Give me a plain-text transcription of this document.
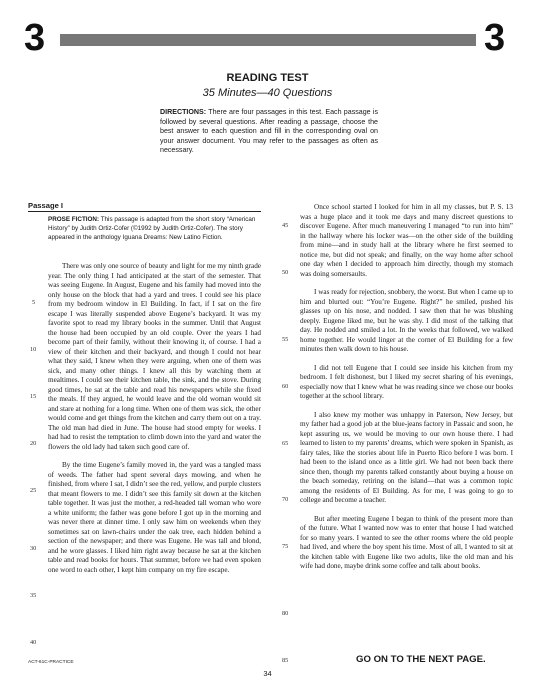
3	3
READING TEST
35 Minutes—40 Questions
DIRECTIONS: There are four passages in this test. Each passage is followed by several questions. After reading a passage, choose the best answer to each question and fill in the corresponding oval on your answer document. You may refer to the passages as often as necessary.
Passage I
PROSE FICTION: This passage is adapted from the short story “American History” by Judith Ortiz-Cofer (©1992 by Judith Ortiz-Cofer). The story appeared in the anthology Iguana Dreams: New Latino Fiction.

There was only one source of beauty and light for me my ninth grade year. The only thing I had anticipated at the start of the semester. That was seeing Eugene. In August, Eugene and his family had moved into the only house on the block that had a yard and trees. I could see his place from my bedroom window in El Building. In fact, if I sat on the fire escape I was literally suspended above Eugene’s backyard. It was my favorite spot to read my library books in the summer. Until that August the house had been occupied by an old couple. Over the years I had become part of their family, without their knowing it, of course. I had a view of their kitchen and their backyard, and though I could not hear what they said, I knew when they were arguing, when one of them was sick, and many other things. I knew all this by watching them at mealtimes. I could see their kitchen table, the sink, and the stove. During good times, he sat at the table and read his newspapers while she fixed the meals. If they argued, he would leave and the old woman would sit and stare at nothing for a long time. When one of them was sick, the other would come and get things from the kitchen and carry them out on a tray. The old man had died in June. The house had stood empty for weeks. I had had to resist the temptation to climb down into the yard and water the flowers the old lady had taken such good care of.

By the time Eugene’s family moved in, the yard was a tangled mass of weeds. The father had spent several days mowing, and when he finished, from where I sat, I didn’t see the red, yellow, and purple clusters that meant flowers to me. I didn’t see this family sit down at the kitchen table together. It was just the mother, a red-headed tall woman who wore a white uniform; the father was gone before I got up in the morning and was never there at dinner time. I only saw him on weekends when they sometimes sat on lawn-chairs under the oak tree, each hidden behind a section of the newspaper; and there was Eugene. He was tall and blond, and he wore glasses. I liked him right away because he sat at the kitchen table and read books for hours. That summer, before we had even spoken one word to each other, I kept him company on my fire escape.

Once school started I looked for him in all my classes, but P. S. 13 was a huge place and it took me days and many discreet questions to discover Eugene. After much maneuvering I managed “to run into him” in the hallway where his locker was—on the other side of the building from mine—and in study hall at the library where he first seemed to notice me, but did not speak; and finally, on the way home after school one day when I decided to approach him directly, though my stomach was doing somersaults.

I was ready for rejection, snobbery, the worst. But when I came up to him and blurted out: “You’re Eugene. Right?” he smiled, pushed his glasses up on his nose, and nodded. I saw then that he was blushing deeply. Eugene liked me, but he was shy. I did most of the talking that day. He nodded and smiled a lot. In the weeks that followed, we walked home together. He would linger at the corner of El Building for a few minutes then walk down to his house.

I did not tell Eugene that I could see inside his kitchen from my bedroom. I felt dishonest, but I liked my secret sharing of his evenings, especially now that I knew what he was reading since we chose our books together at the school library.

I also knew my mother was unhappy in Paterson, New Jersey, but my father had a good job at the blue-jeans factory in Passaic and soon, he kept assuring us, we would be moving to our own house there. I had learned to listen to my parents’ dreams, which were spoken in Spanish, as fairy tales, like the stories about life in Puerto Rico before I was born. I had been to the island once as a little girl. We had not been back there since then, though my parents talked constantly about buying a house on the beach someday, retiring on the island—that was a common topic among the residents of El Building. As for me, I was going to go to college and become a teacher.

But after meeting Eugene I began to think of the present more than of the future. What I wanted now was to enter that house I had watched for so many years. I wanted to see the other rooms where the old people had lived, and where the boy spent his time. Most of all, I wanted to sit at the kitchen table with Eugene like two adults, like the old man and his wife had done, maybe drink some coffee and talk about books.

5
10
15
20
25
30
35
40
45
50
55
60
65
70
75
80
85
ACT-61C-PRACTICE	GO ON TO THE NEXT PAGE.
34
